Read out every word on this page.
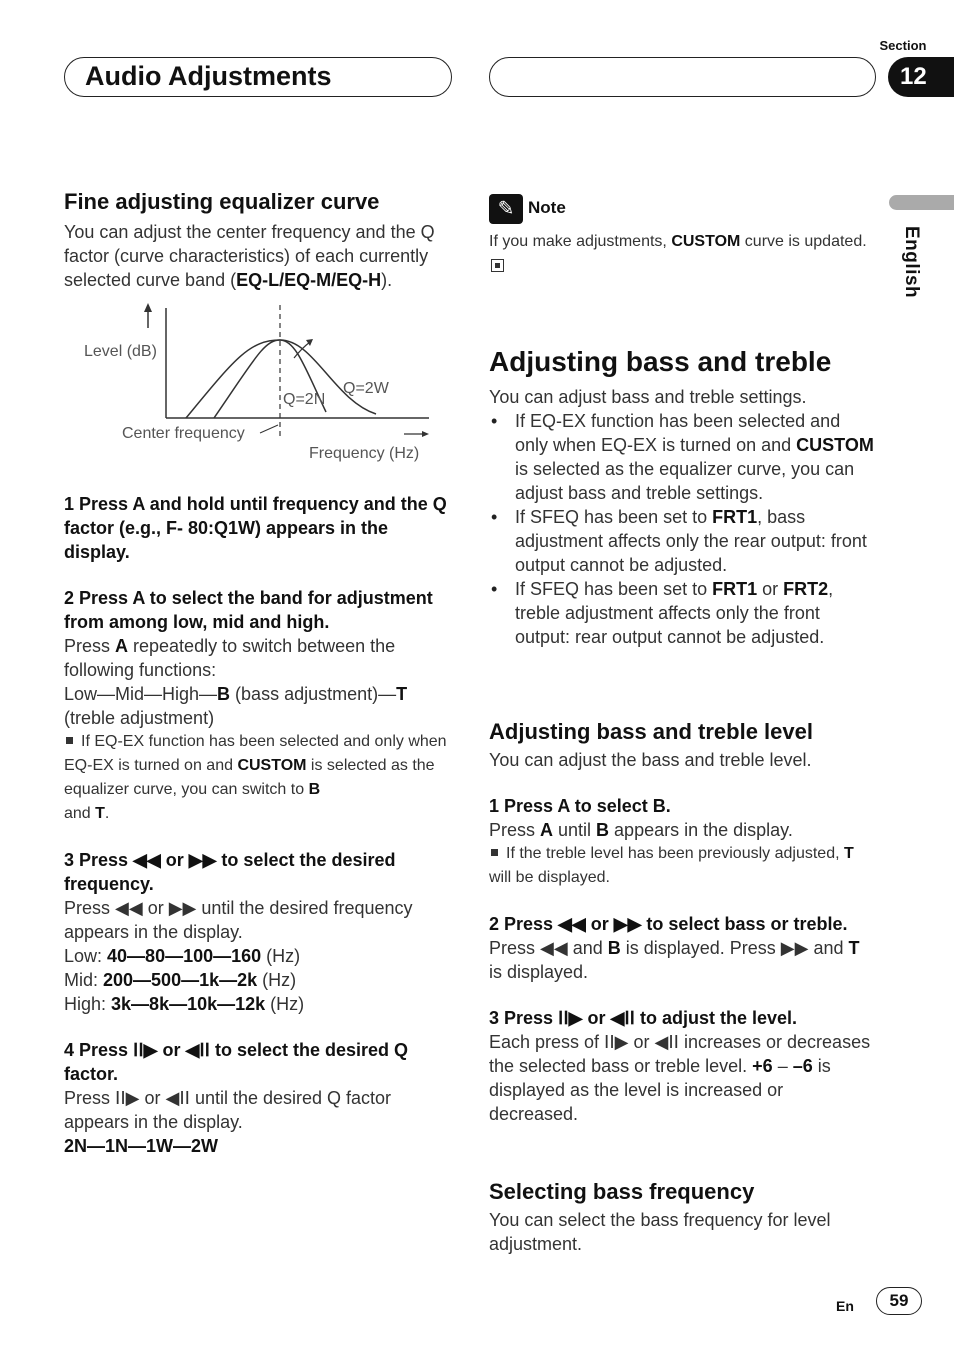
Audio Adjustments
Section
12
English
Fine adjusting equalizer curve

You can adjust the center frequency and the Q factor (curve characteristics) of each currently selected curve band (EQ-L/EQ-M/EQ-H).

Level (dB)
Q=2N
Q=2W
Center frequency
Frequency (Hz)

1 Press A and hold until frequency and the Q factor (e.g., F- 80:Q1W) appears in the display.

2 Press A to select the band for adjustment from among low, mid and high.

Press A repeatedly to switch between the following functions:

Low—Mid—High—B (bass adjustment)—T
(treble adjustment)

If EQ-EX function has been selected and only when EQ-EX is turned on and CUSTOM is selected as the equalizer curve, you can switch to B
and T.

3 Press ◀◀ or ▶▶ to select the desired frequency.

Press ◀◀ or ▶▶ until the desired frequency appears in the display.

Low: 40—80—100—160 (Hz)

Mid: 200—500—1k—2k (Hz)

High: 3k—8k—10k—12k (Hz)

4 Press ⅠⅠ▶ or ◀ⅠⅠ to select the desired Q factor.

Press ⅠⅠ▶ or ◀ⅠⅠ until the desired Q factor appears in the display.

2N—1N—1W—2W

✎ Note

If you make adjustments, CUSTOM curve is updated.

Adjusting bass and treble

You can adjust bass and treble settings.

• If EQ-EX function has been selected and only when EQ-EX is turned on and CUSTOM is selected as the equalizer curve, you can adjust bass and treble settings.

• If SFEQ has been set to FRT1, bass adjustment affects only the rear output: front output cannot be adjusted.

• If SFEQ has been set to FRT1 or FRT2, treble adjustment affects only the front output: rear output cannot be adjusted.

Adjusting bass and treble level

You can adjust the bass and treble level.

1 Press A to select B.

Press A until B appears in the display.

If the treble level has been previously adjusted, T will be displayed.

2 Press ◀◀ or ▶▶ to select bass or treble.

Press ◀◀ and B is displayed. Press ▶▶ and T is displayed.

3 Press ⅠⅠ▶ or ◀ⅠⅠ to adjust the level.

Each press of ⅠⅠ▶ or ◀ⅠⅠ increases or decreases the selected bass or treble level. +6 – –6 is displayed as the level is increased or decreased.

Selecting bass frequency

You can select the bass frequency for level adjustment.

En	59
